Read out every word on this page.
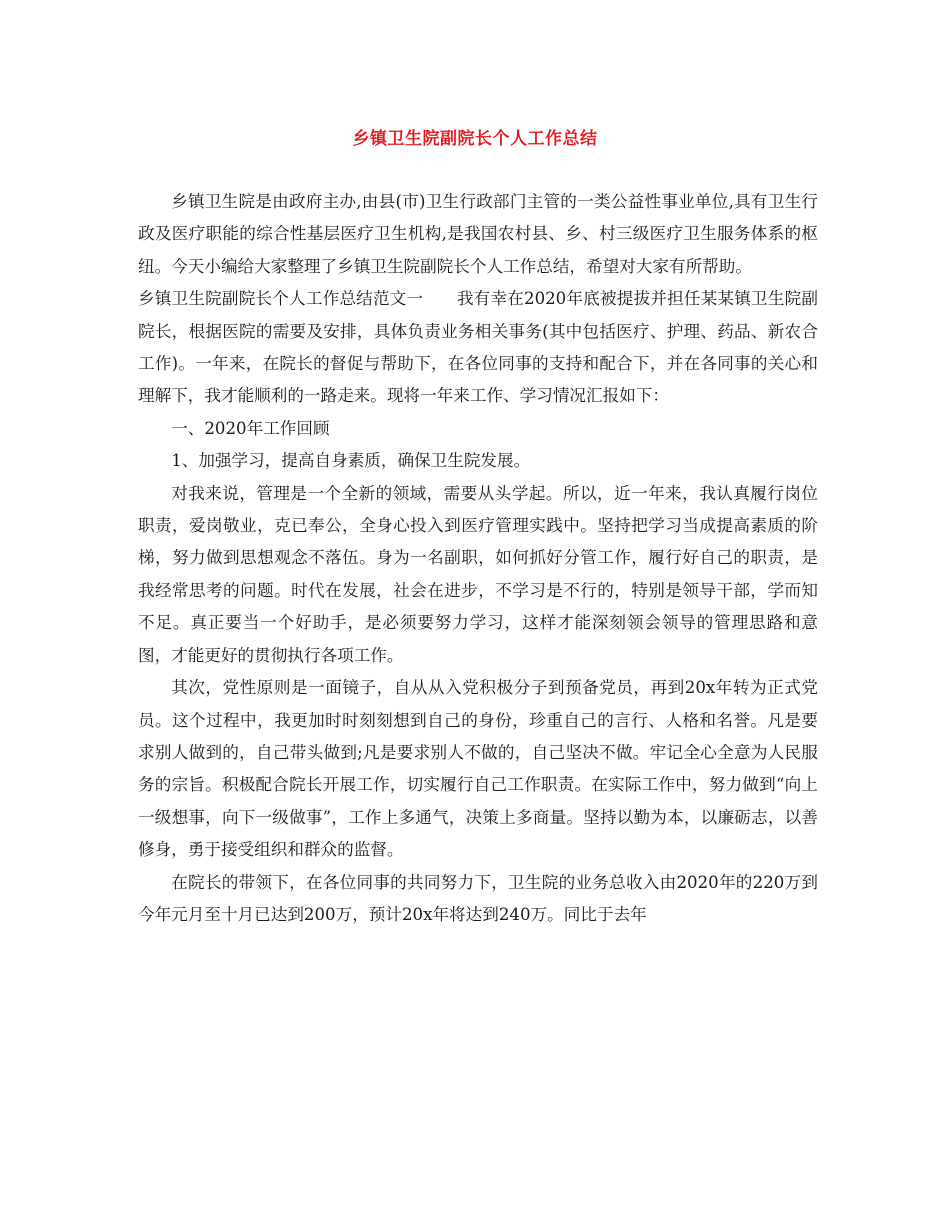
乡镇卫生院副院长个人工作总结

乡镇卫生院是由政府主办,由县(市)卫生行政部门主管的一类公益性事业单位,具有卫生行政及医疗职能的综合性基层医疗卫生机构,是我国农村县、乡、村三级医疗卫生服务体系的枢纽。今天小编给大家整理了乡镇卫生院副院长个人工作总结，希望对大家有所帮助。

乡镇卫生院副院长个人工作总结范文一　　我有幸在2020年底被提拔并担任某某镇卫生院副院长，根据医院的需要及安排，具体负责业务相关事务(其中包括医疗、护理、药品、新农合工作)。一年来，在院长的督促与帮助下，在各位同事的支持和配合下，并在各同事的关心和理解下，我才能顺利的一路走来。现将一年来工作、学习情况汇报如下：

一、2020年工作回顾

1、加强学习，提高自身素质，确保卫生院发展。

对我来说，管理是一个全新的领域，需要从头学起。所以，近一年来，我认真履行岗位职责，爱岗敬业，克已奉公，全身心投入到医疗管理实践中。坚持把学习当成提高素质的阶梯，努力做到思想观念不落伍。身为一名副职，如何抓好分管工作，履行好自己的职责，是我经常思考的问题。时代在发展，社会在进步，不学习是不行的，特别是领导干部，学而知不足。真正要当一个好助手，是必须要努力学习，这样才能深刻领会领导的管理思路和意图，才能更好的贯彻执行各项工作。

其次，党性原则是一面镜子，自从从入党积极分子到预备党员，再到20x年转为正式党员。这个过程中，我更加时时刻刻想到自己的身份，珍重自己的言行、人格和名誉。凡是要求别人做到的，自己带头做到;凡是要求别人不做的，自己坚决不做。牢记全心全意为人民服务的宗旨。积极配合院长开展工作，切实履行自己工作职责。在实际工作中，努力做到“向上一级想事，向下一级做事”，工作上多通气，决策上多商量。坚持以勤为本，以廉砺志，以善修身，勇于接受组织和群众的监督。

在院长的带领下，在各位同事的共同努力下，卫生院的业务总收入由2020年的220万到今年元月至十月已达到200万，预计20x年将达到240万。同比于去年
